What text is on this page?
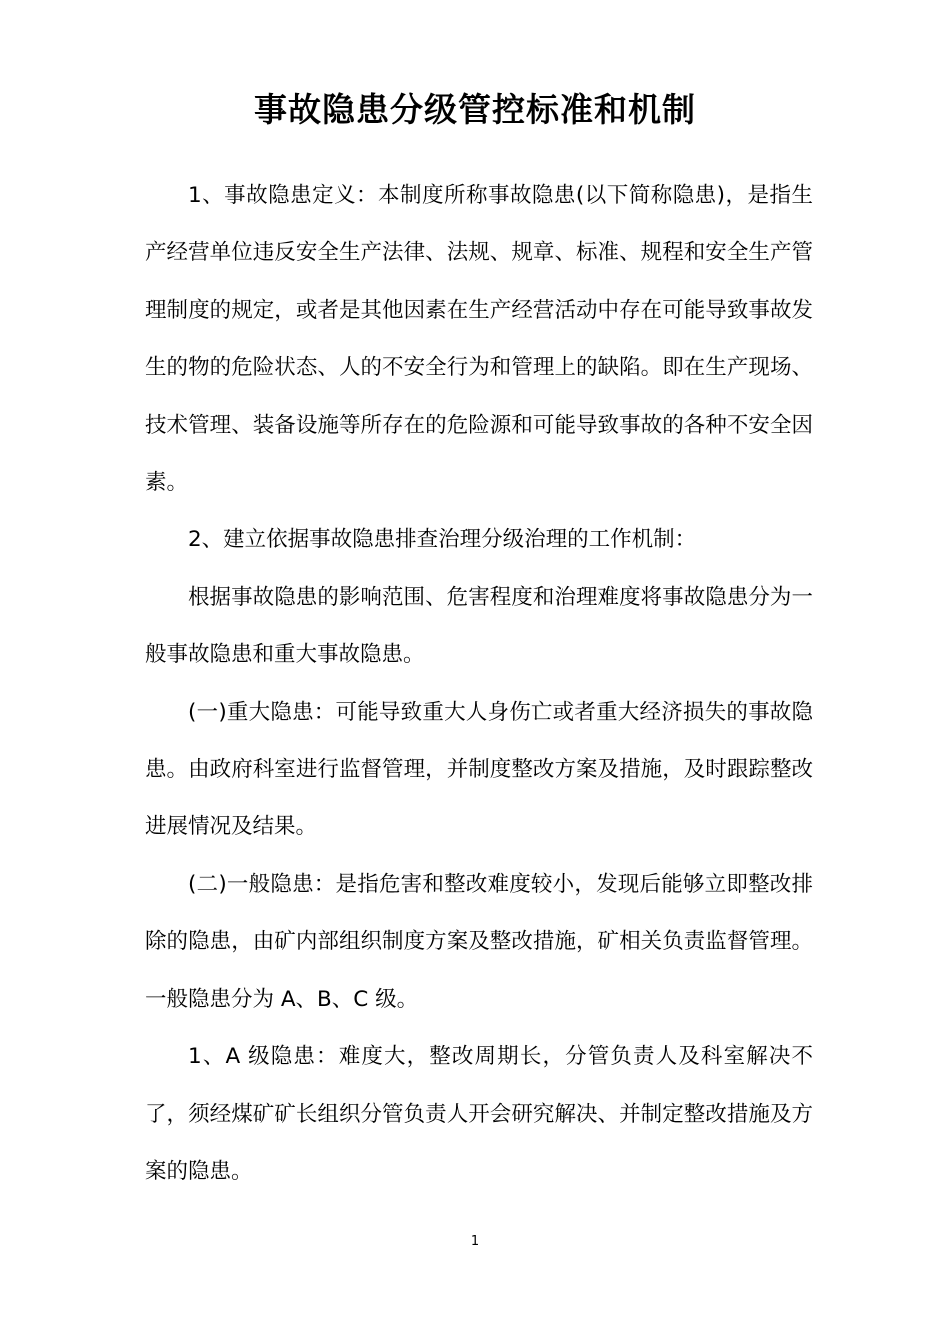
事故隐患分级管控标准和机制

1、事故隐患定义：本制度所称事故隐患(以下简称隐患)，是指生产经营单位违反安全生产法律、法规、规章、标准、规程和安全生产管理制度的规定，或者是其他因素在生产经营活动中存在可能导致事故发生的物的危险状态、人的不安全行为和管理上的缺陷。即在生产现场、技术管理、装备设施等所存在的危险源和可能导致事故的各种不安全因素。

2、建立依据事故隐患排查治理分级治理的工作机制：

根据事故隐患的影响范围、危害程度和治理难度将事故隐患分为一般事故隐患和重大事故隐患。

(一)重大隐患：可能导致重大人身伤亡或者重大经济损失的事故隐患。由政府科室进行监督管理，并制度整改方案及措施，及时跟踪整改进展情况及结果。

(二)一般隐患：是指危害和整改难度较小，发现后能够立即整改排除的隐患，由矿内部组织制度方案及整改措施，矿相关负责监督管理。一般隐患分为 A、B、C 级。

1、A 级隐患：难度大，整改周期长，分管负责人及科室解决不了，须经煤矿矿长组织分管负责人开会研究解决、并制定整改措施及方案的隐患。

1
